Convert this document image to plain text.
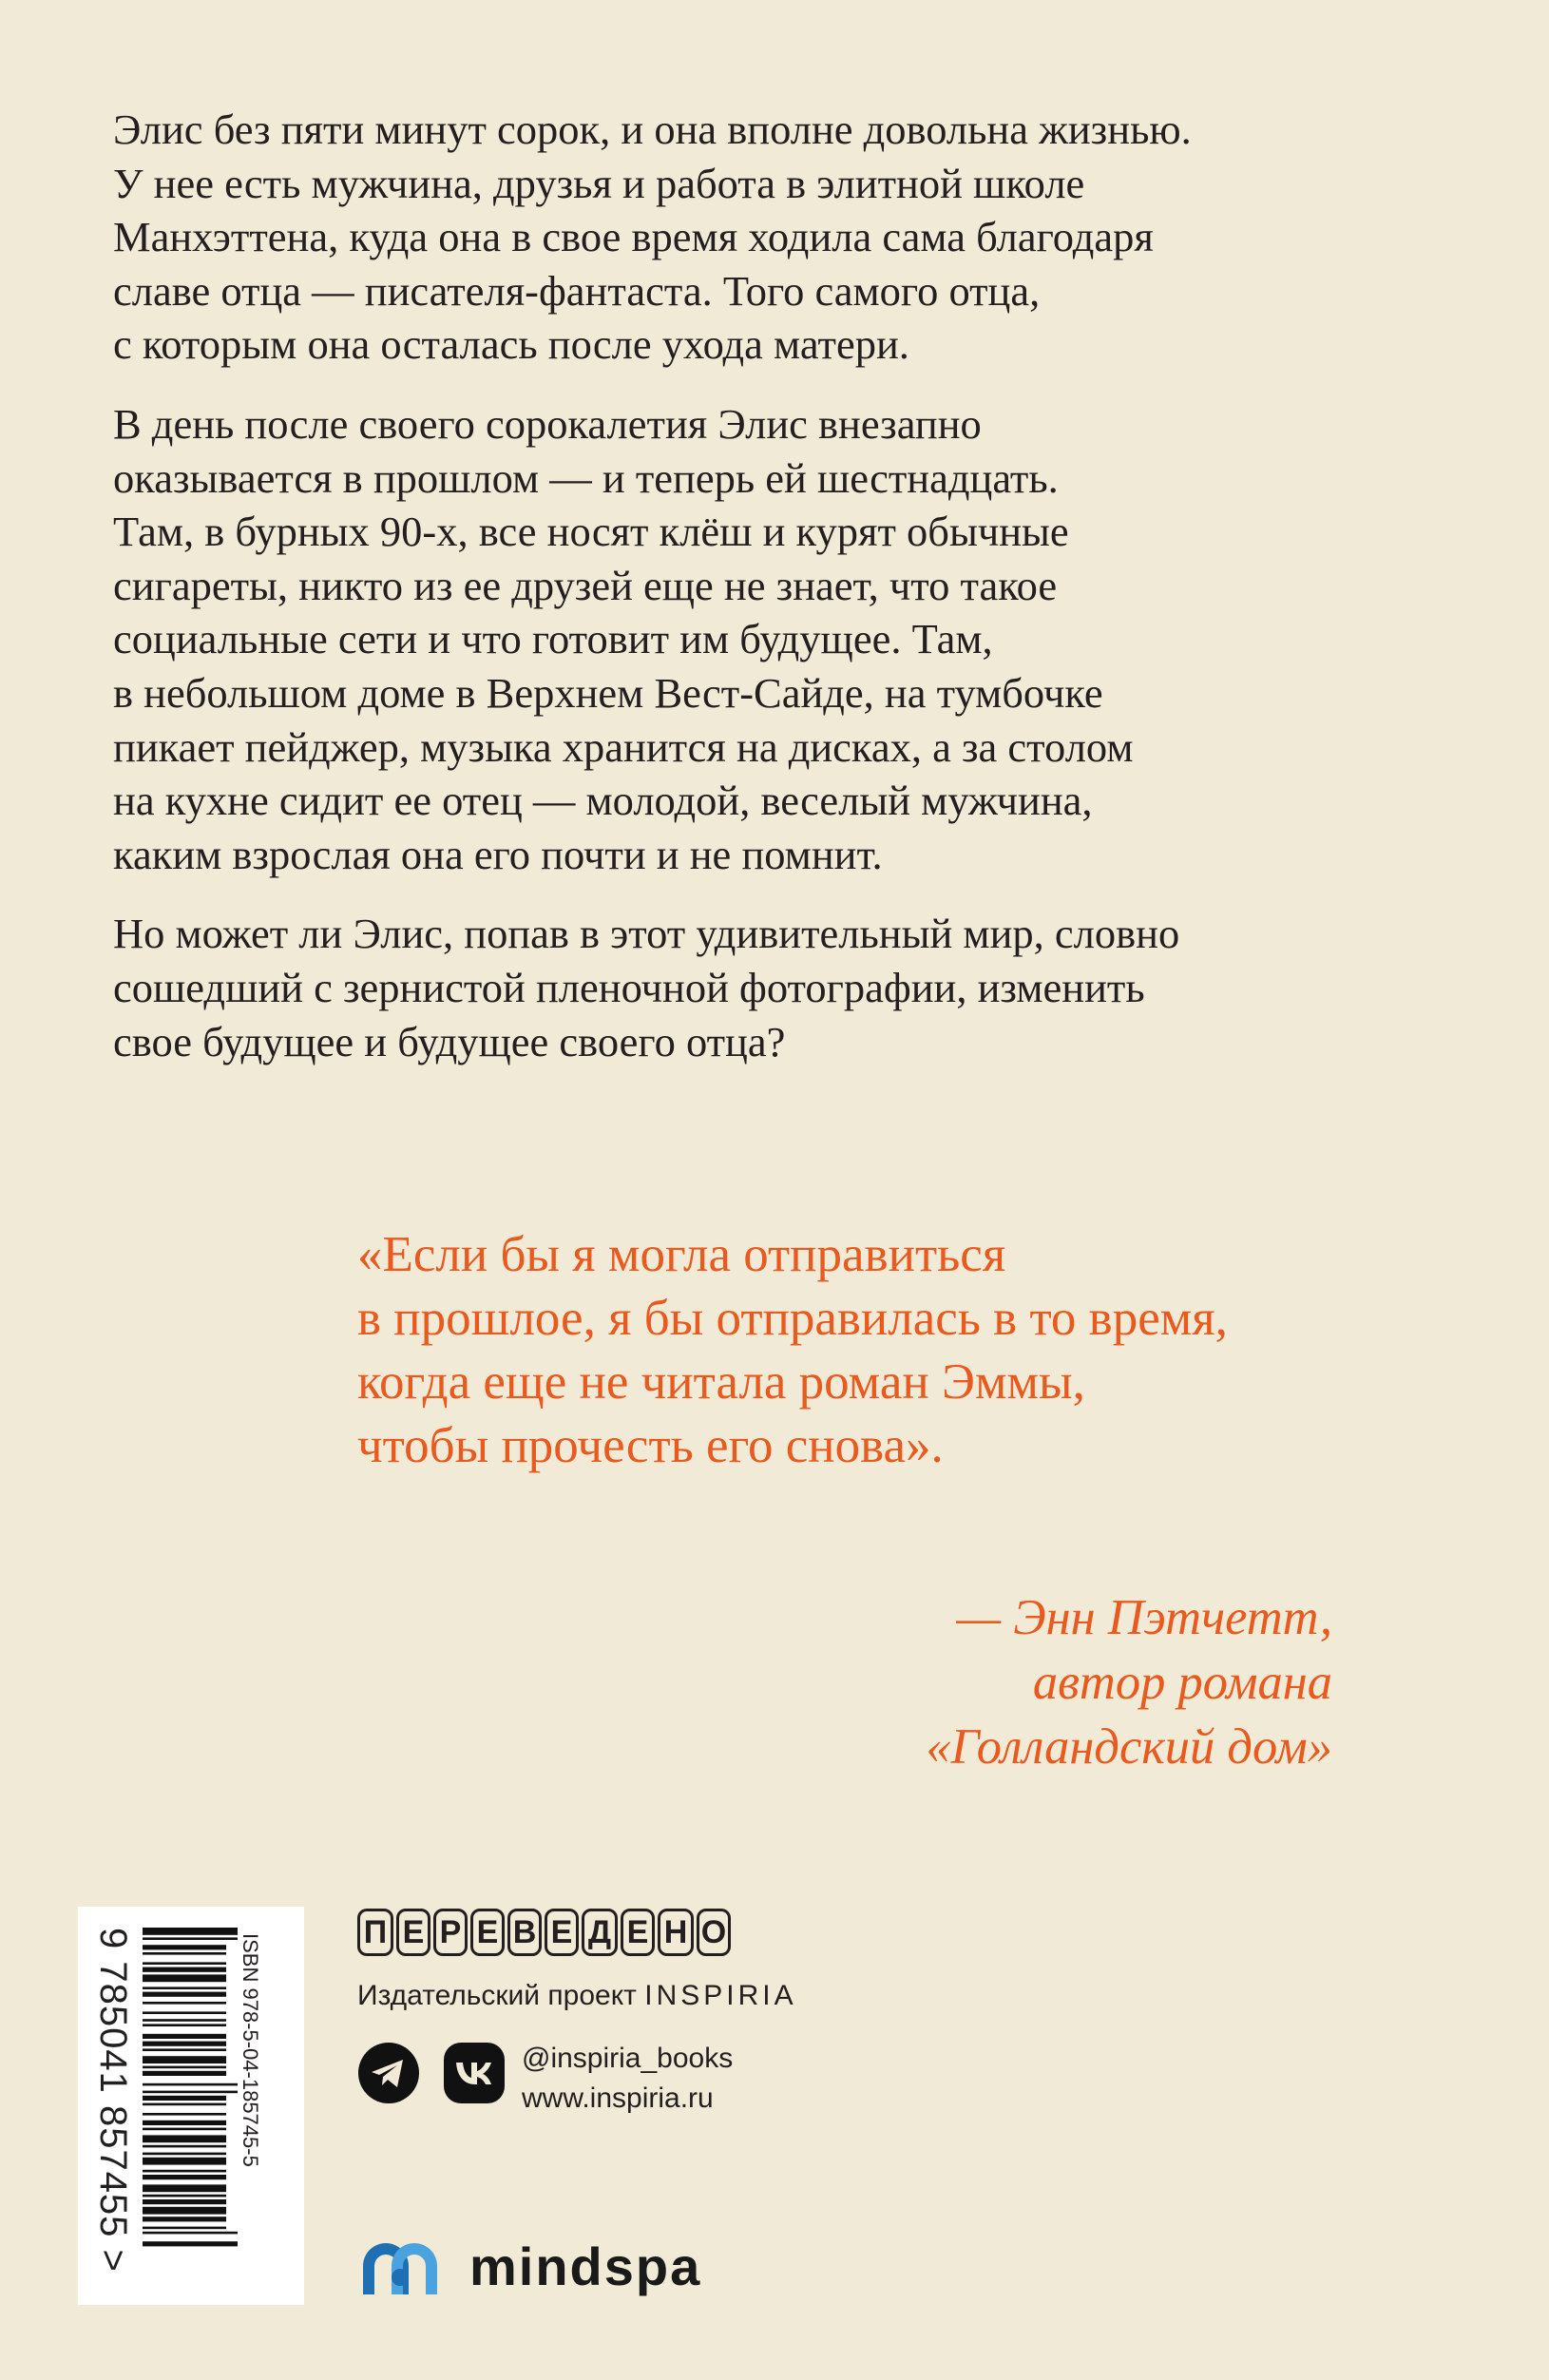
Элис без пяти минут сорок, и она вполне довольна жизнью.
У нее есть мужчина, друзья и работа в элитной школе
Манхэттена, куда она в свое время ходила сама благодаря
славе отца — писателя-фантаста. Того самого отца,
с которым она осталась после ухода матери.

В день после своего сорокалетия Элис внезапно
оказывается в прошлом — и теперь ей шестнадцать.
Там, в бурных 90-х, все носят клёш и курят обычные
сигареты, никто из ее друзей еще не знает, что такое
социальные сети и что готовит им будущее. Там,
в небольшом доме в Верхнем Вест-Сайде, на тумбочке
пикает пейджер, музыка хранится на дисках, а за столом
на кухне сидит ее отец — молодой, веселый мужчина,
каким взрослая она его почти и не помнит.

Но может ли Элис, попав в этот удивительный мир, словно
сошедший с зернистой пленочной фотографии, изменить
свое будущее и будущее своего отца?

«Если бы я могла отправиться
в прошлое, я бы отправилась в то время,
когда еще не читала роман Эммы,
чтобы прочесть его снова».
— Энн Пэтчетт,
автор романа
«Голландский дом»
ISBN 978-5-04-185745-5
9 785041 857455 >	П Е Р Е В Е Д Е Н О
Издательский проект INSPIRIA
@inspiria_books
www.inspiria.ru
mindspa
